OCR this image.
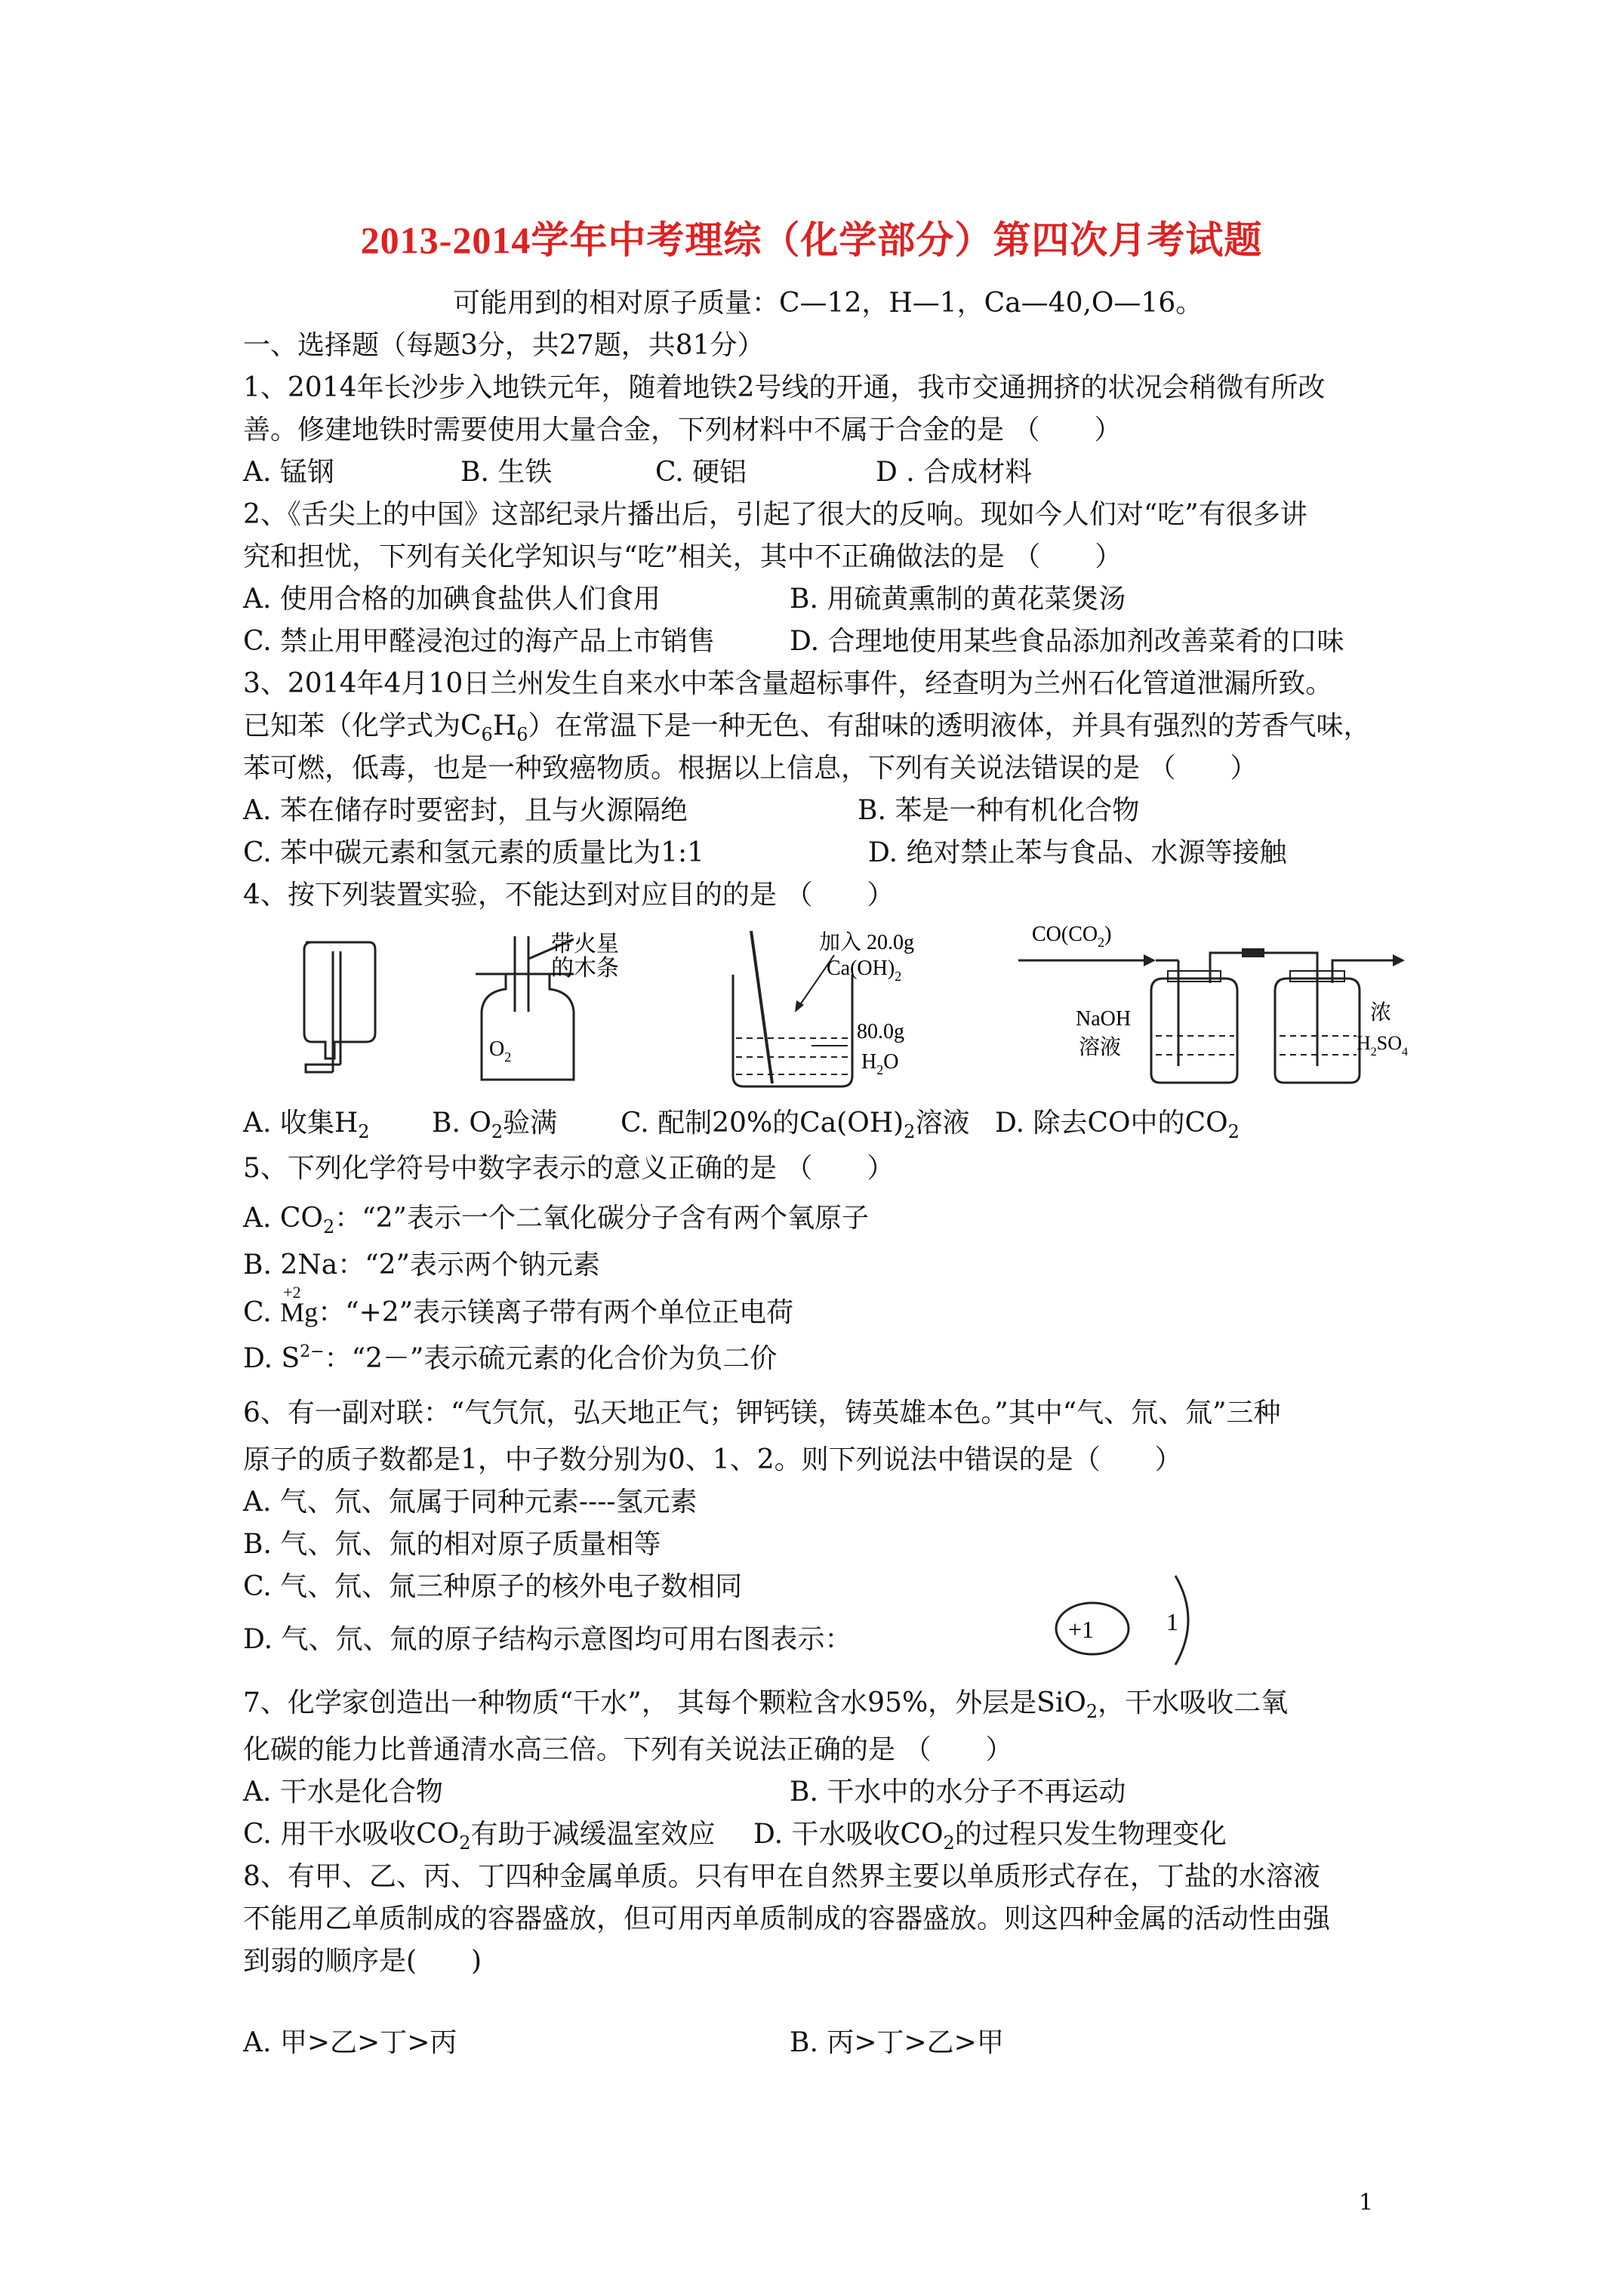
2013-2014学年中考理综（化学部分）第四次月考试题
可能用到的相对原子质量：C—12，H—1，Ca—40,O—16。
一、选择题（每题3分，共27题，共81分）
1、2014年长沙步入地铁元年，随着地铁2号线的开通，我市交通拥挤的状况会稍微有所改
善。修建地铁时需要使用大量合金，下列材料中不属于合金的是 （　　）
A. 锰钢	B. 生铁	C. 硬铝	D . 合成材料
2、《舌尖上的中国》这部纪录片播出后，引起了很大的反响。现如今人们对“吃”有很多讲
究和担忧，下列有关化学知识与“吃”相关，其中不正确做法的是 （　　）
A. 使用合格的加碘食盐供人们食用	B. 用硫黄熏制的黄花菜煲汤
C. 禁止用甲醛浸泡过的海产品上市销售	D. 合理地使用某些食品添加剂改善菜肴的口味
3、2014年4月10日兰州发生自来水中苯含量超标事件，经查明为兰州石化管道泄漏所致。
已知苯（化学式为$C_6H_6$）在常温下是一种无色、有甜味的透明液体，并具有强烈的芳香气味，
苯可燃，低毒，也是一种致癌物质。根据以上信息，下列有关说法错误的是 （　　）
A. 苯在储存时要密封，且与火源隔绝	B. 苯是一种有机化合物
C. 苯中碳元素和氢元素的质量比为1:1	D. 绝对禁止苯与食品、水源等接触
4、按下列装置实验，不能达到对应目的的是 （　　）
带火星
的木条
$O_2$
加入 20.0g
$Ca(OH)_2$
80.0g
$H_2O$
$CO(CO_2)$
NaOH
溶液
浓
$H_2SO_4$
A. 收集$H_2$ B. $O_2$验满 C. 配制20%的$Ca(OH)_2$溶液 D. 除去CO中的$CO_2$
5、下列化学符号中数字表示的意义正确的是 （　　）
A. $CO_2$：“2”表示一个二氧化碳分子含有两个氧原子
B. 2Na：“2”表示两个钠元素
C.
+2
Mg：“+2”表示镁离子带有两个单位正电荷
D. $S^{2-}$：“2－”表示硫元素的化合价为负二价
6、有一副对联：“气氕氘，弘天地正气；钾钙镁，铸英雄本色。”其中“气、氘、氚”三种
原子的质子数都是1，中子数分别为0、1、2。则下列说法中错误的是（　　）
A. 气、氘、氚属于同种元素----氢元素
B. 气、氘、氚的相对原子质量相等
C. 气、氘、氚三种原子的核外电子数相同
D. 气、氘、氚的原子结构示意图均可用右图表示：	+1	1
7、化学家创造出一种物质“干水”， 其每个颗粒含水95%，外层是SiO$_2$，干水吸收二氧
化碳的能力比普通清水高三倍。下列有关说法正确的是 （　　）
A. 干水是化合物	B. 干水中的水分子不再运动
C. 用干水吸收$CO_2$有助于减缓温室效应 D. 干水吸收$CO_2$的过程只发生物理变化
8、有甲、乙、丙、丁四种金属单质。只有甲在自然界主要以单质形式存在，丁盐的水溶液
不能用乙单质制成的容器盛放，但可用丙单质制成的容器盛放。则这四种金属的活动性由强
到弱的顺序是(　　)
A. 甲>乙>丁>丙	B. 丙>丁>乙>甲
1
